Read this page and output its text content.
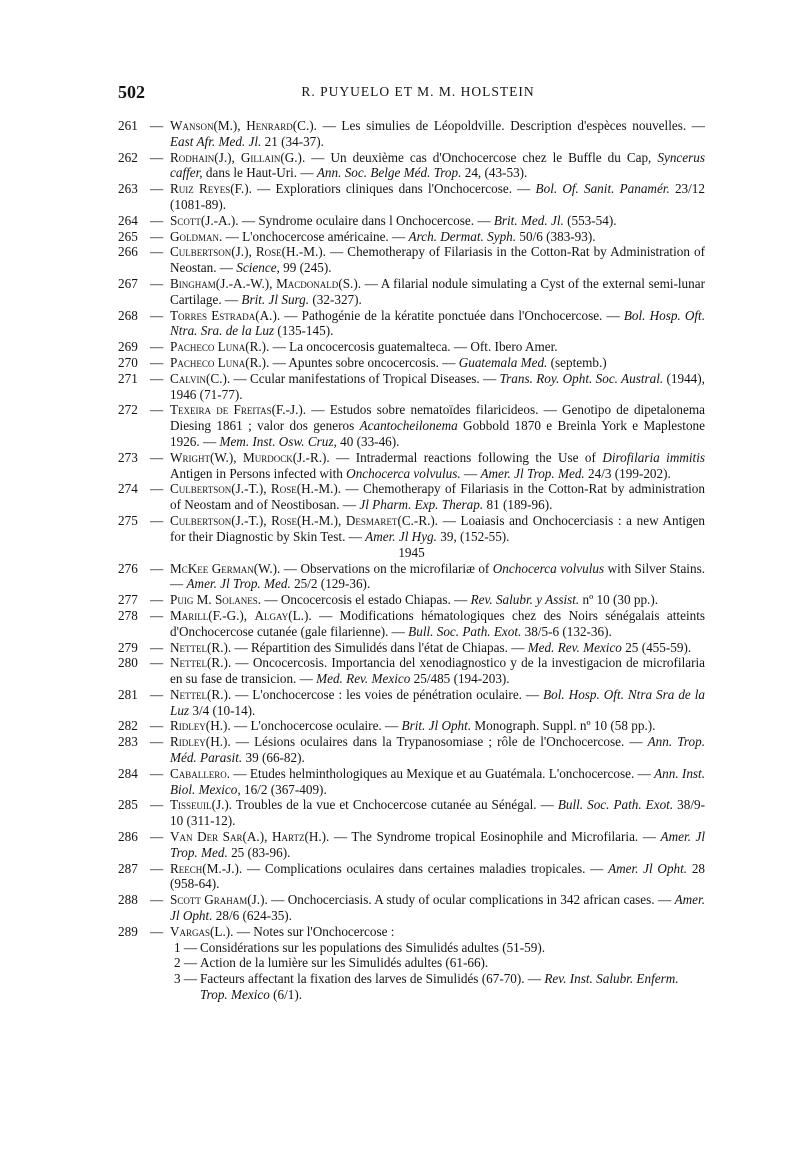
502	R. PUYUELO ET M. M. HOLSTEIN
261 — Wanson(M.), Henrard(C.). — Les simulies de Léopoldville. Description d'espèces nouvelles. — East Afr. Med. Jl. 21 (34-37).
262 — Rodhain(J.), Gillain(G.). — Un deuxième cas d'Onchocercose chez le Buffle du Cap, Syncerus caffer, dans le Haut-Uri. — Ann. Soc. Belge Méd. Trop. 24, (43-53).
263 — Ruiz Reyes(F.). — Exploratiors cliniques dans l'Onchocercose. — Bol. Of. Sanit. Panamér. 23/12 (1081-89).
264 — Scott(J.-A.). — Syndrome oculaire dans l Onchocercose. — Brit. Med. Jl. (553-54).
265 — Goldman. — L'onchocercose américaine. — Arch. Dermat. Syph. 50/6 (383-93).
266 — Culbertson(J.), Rose(H.-M.). — Chemotherapy of Filariasis in the Cotton-Rat by Administration of Neostan. — Science, 99 (245).
267 — Bingham(J.-A.-W.), Macdonald(S.). — A filarial nodule simulating a Cyst of the external semi-lunar Cartilage. — Brit. Jl Surg. (32-327).
268 — Torres Estrada(A.). — Pathogénie de la kératite ponctuée dans l'Onchocercose. — Bol. Hosp. Oft. Ntra. Sra. de la Luz (135-145).
269 — Pacheco Luna(R.). — La oncocercosis guatemalteca. — Oft. Ibero Amer.
270 — Pacheco Luna(R.). — Apuntes sobre oncocercosis. — Guatemala Med. (septemb.)
271 — Calvin(C.). — Ccular manifestations of Tropical Diseases. — Trans. Roy. Opht. Soc. Austral. (1944), 1946 (71-77).
272 — Texeira de Freitas(F.-J.). — Estudos sobre nematoïdes filaricideos. — Genotipo de dipetalonema Diesing 1861 ; valor dos generos Acantocheilonema Gobbold 1870 e Breinla York e Maplestone 1926. — Mem. Inst. Osw. Cruz, 40 (33-46).
273 — Wright(W.), Murdock(J.-R.). — Intradermal reactions following the Use of Dirofilaria immitis Antigen in Persons infected with Onchocerca volvulus. — Amer. Jl Trop. Med. 24/3 (199-202).
274 — Culbertson(J.-T.), Rose(H.-M.). — Chemotherapy of Filariasis in the Cotton-Rat by administration of Neostam and of Neostibosan. — Jl Pharm. Exp. Therap. 81 (189-96).
275 — Culbertson(J.-T.), Rose(H.-M.), Desmaret(C.-R.). — Loaiasis and Onchocerciasis : a new Antigen for their Diagnostic by Skin Test. — Amer. Jl Hyg. 39, (152-55).
1945
276 — McKee German(W.). — Observations on the microfilariæ of Onchocerca volvulus with Silver Stains. — Amer. Jl Trop. Med. 25/2 (129-36).
277 — Puig M. Solanes. — Oncocercosis el estado Chiapas. — Rev. Salubr. y Assist. nº 10 (30 pp.).
278 — Marill(F.-G.), Algay(L.). — Modifications hématologiques chez des Noirs sénégalais atteints d'Onchocercose cutanée (gale filarienne). — Bull. Soc. Path. Exot. 38/5-6 (132-36).
279 — Nettel(R.). — Répartition des Simulidés dans l'état de Chiapas. — Med. Rev. Mexico 25 (455-59).
280 — Nettel(R.). — Oncocercosis. Importancia del xenodiagnostico y de la investigacion de microfilaria en su fase de transicion. — Med. Rev. Mexico 25/485 (194-203).
281 — Nettel(R.). — L'onchocercose : les voies de pénétration oculaire. — Bol. Hosp. Oft. Ntra Sra de la Luz 3/4 (10-14).
282 — Ridley(H.). — L'onchocercose oculaire. — Brit. Jl Opht. Monograph. Suppl. nº 10 (58 pp.).
283 — Ridley(H.). — Lésions oculaires dans la Trypanosomiase ; rôle de l'Onchocercose. — Ann. Trop. Méd. Parasit. 39 (66-82).
284 — Caballero. — Etudes helminthologiques au Mexique et au Guatémala. L'onchocercose. — Ann. Inst. Biol. Mexico, 16/2 (367-409).
285 — Tisseuil(J.). Troubles de la vue et Cnchocercose cutanée au Sénégal. — Bull. Soc. Path. Exot. 38/9-10 (311-12).
286 — Van Der Sar(A.), Hartz(H.). — The Syndrome tropical Eosinophile and Microfilaria. — Amer. Jl Trop. Med. 25 (83-96).
287 — Reech(M.-J.). — Complications oculaires dans certaines maladies tropicales. — Amer. Jl Opht. 28 (958-64).
288 — Scott Graham(J.). — Onchocerciasis. A study of ocular complications in 342 african cases. — Amer. Jl Opht. 28/6 (624-35).
289 — Vargas(L.). — Notes sur l'Onchocercose :
1 — Considérations sur les populations des Simulidés adultes (51-59).
2 — Action de la lumière sur les Simulidés adultes (61-66).
3 — Facteurs affectant la fixation des larves de Simulidés (67-70). — Rev. Inst. Salubr. Enferm. Trop. Mexico (6/1).
